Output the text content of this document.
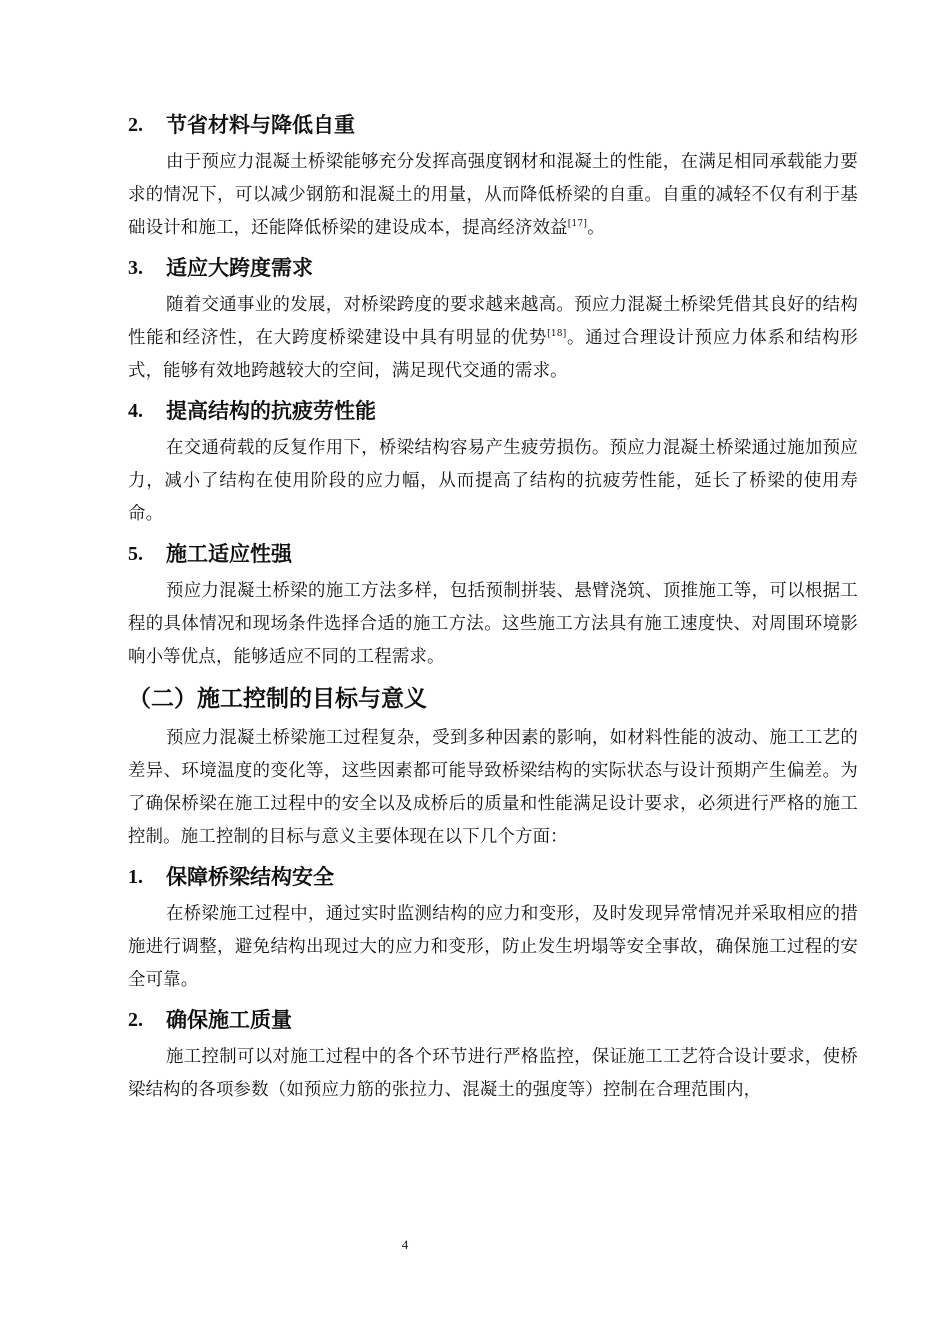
2.	节省材料与降低自重

由于预应力混凝土桥梁能够充分发挥高强度钢材和混凝土的性能，在满足相同承载能力要求的情况下，可以减少钢筋和混凝土的用量，从而降低桥梁的自重。自重的减轻不仅有利于基础设计和施工，还能降低桥梁的建设成本，提高经济效益[17]。

3.	适应大跨度需求

随着交通事业的发展，对桥梁跨度的要求越来越高。预应力混凝土桥梁凭借其良好的结构性能和经济性，在大跨度桥梁建设中具有明显的优势[18]。通过合理设计预应力体系和结构形式，能够有效地跨越较大的空间，满足现代交通的需求。

4.	提高结构的抗疲劳性能

在交通荷载的反复作用下，桥梁结构容易产生疲劳损伤。预应力混凝土桥梁通过施加预应力，减小了结构在使用阶段的应力幅，从而提高了结构的抗疲劳性能，延长了桥梁的使用寿命。

5.	施工适应性强

预应力混凝土桥梁的施工方法多样，包括预制拼装、悬臂浇筑、顶推施工等，可以根据工程的具体情况和现场条件选择合适的施工方法。这些施工方法具有施工速度快、对周围环境影响小等优点，能够适应不同的工程需求。

（二）施工控制的目标与意义

预应力混凝土桥梁施工过程复杂，受到多种因素的影响，如材料性能的波动、施工工艺的差异、环境温度的变化等，这些因素都可能导致桥梁结构的实际状态与设计预期产生偏差。为了确保桥梁在施工过程中的安全以及成桥后的质量和性能满足设计要求，必须进行严格的施工控制。施工控制的目标与意义主要体现在以下几个方面：

1.	保障桥梁结构安全

在桥梁施工过程中，通过实时监测结构的应力和变形，及时发现异常情况并采取相应的措施进行调整，避免结构出现过大的应力和变形，防止发生坍塌等安全事故，确保施工过程的安全可靠。

2.	确保施工质量

施工控制可以对施工过程中的各个环节进行严格监控，保证施工工艺符合设计要求，使桥梁结构的各项参数（如预应力筋的张拉力、混凝土的强度等）控制在合理范围内，

4
